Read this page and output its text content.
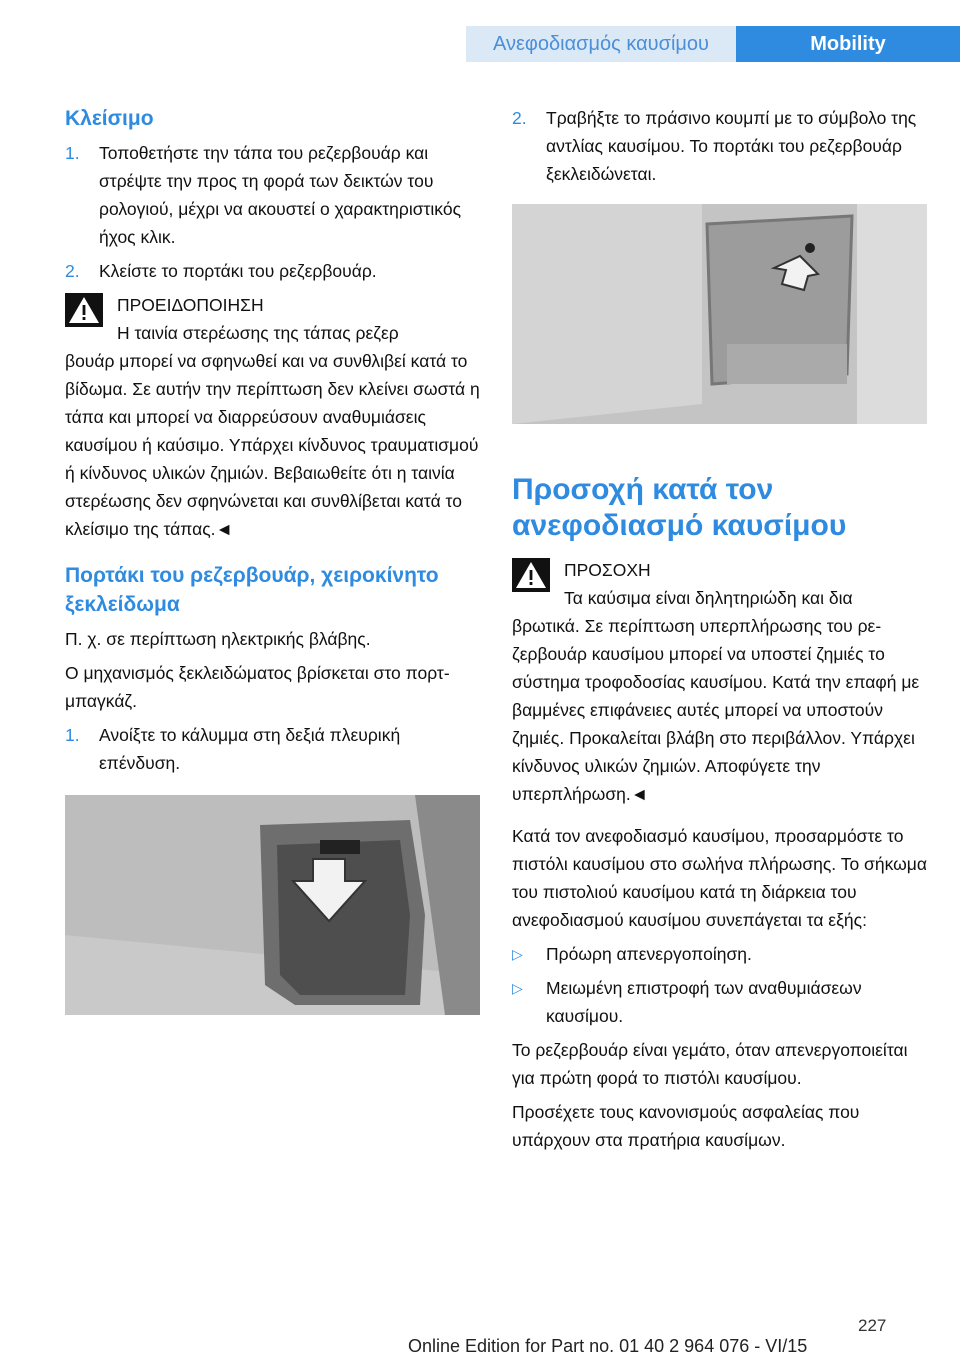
Ανεφοδιασμός καυσίμου	Mobility
Κλείσιμο
1. Τοποθετήστε την τάπα του ρεζερβουάρ και στρέψτε την προς τη φορά των δεικτών του ρολογιού, μέχρι να ακουστεί ο χαρακτηριστικός ήχος κλικ.
2. Κλείστε το πορτάκι του ρεζερβουάρ.
ΠΡΟΕΙΔΟΠΟΙΗΣΗ
Η ταινία στερέωσης της τάπας ρεζερ
βουάρ μπορεί να σφηνωθεί και να συνθλιβεί κατά το βίδωμα. Σε αυτήν την περίπτωση δεν κλείνει σωστά η τάπα και μπορεί να διαρρεύσουν αναθυμιάσεις καυσίμου ή καύσιμο. Υπάρχει κίνδυνος τραυματισμού ή κίνδυνος υλικών ζημιών. Βεβαιωθείτε ότι η ταινία στερέωσης δεν σφηνώνεται και συνθλίβεται κατά το κλείσιμο της τάπας.◄
Πορτάκι του ρεζερβουάρ, χειροκίνητο ξεκλείδωμα

Π. χ. σε περίπτωση ηλεκτρικής βλάβης.

Ο μηχανισμός ξεκλειδώματος βρίσκεται στο πορτ-μπαγκάζ.

1. Ανοίξτε το κάλυμμα στη δεξιά πλευρική επένδυση.
2. Τραβήξτε το πράσινο κουμπί με το σύμβολο της αντλίας καυσίμου. Το πορτάκι του ρεζερβουάρ ξεκλειδώνεται.
Προσοχή κατά τον ανεφοδιασμό καυσίμου
ΠΡΟΣΟΧΗ
Τα καύσιμα είναι δηλητηριώδη και δια
βρωτικά. Σε περίπτωση υπερπλήρωσης του ρεζερβουάρ καυσίμου μπορεί να υποστεί ζημιές το σύστημα τροφοδοσίας καυσίμου. Κατά την επαφή με βαμμένες επιφάνειες αυτές μπορεί να υποστούν ζημιές. Προκαλείται βλάβη στο περιβάλλον. Υπάρχει κίνδυνος υλικών ζημιών. Αποφύγετε την υπερπλήρωση.◄

Κατά τον ανεφοδιασμό καυσίμου, προσαρμόστε το πιστόλι καυσίμου στο σωλήνα πλήρωσης. Το σήκωμα του πιστολιού καυσίμου κατά τη διάρκεια του ανεφοδιασμού καυσίμου συνεπάγεται τα εξής:

▷ Πρόωρη απενεργοποίηση.
▷ Μειωμένη επιστροφή των αναθυμιάσεων καυσίμου.

Το ρεζερβουάρ είναι γεμάτο, όταν απενεργοποιείται για πρώτη φορά το πιστόλι καυσίμου.

Προσέχετε τους κανονισμούς ασφαλείας που υπάρχουν στα πρατήρια καυσίμων.

227
Online Edition for Part no. 01 40 2 964 076 - VI/15
